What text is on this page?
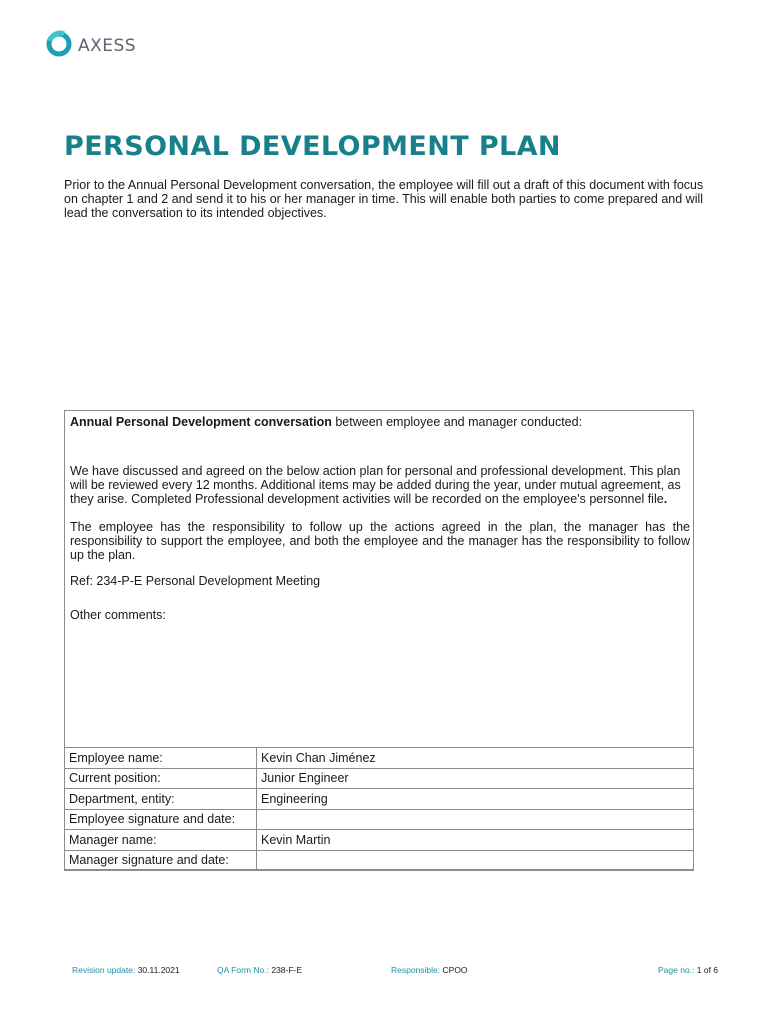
AXESS
PERSONAL DEVELOPMENT PLAN

Prior to the Annual Personal Development conversation, the employee will fill out a draft of this document with focus on chapter 1 and 2 and send it to his or her manager in time. This will enable both parties to come prepared and will lead the conversation to its intended objectives.

Annual Personal Development conversation between employee and manager conducted:

We have discussed and agreed on the below action plan for personal and professional development. This plan will be reviewed every 12 months. Additional items may be added during the year, under mutual agreement, as they arise. Completed Professional development activities will be recorded on the employee's personnel file.

The employee has the responsibility to follow up the actions agreed in the plan, the manager has the responsibility to support the employee, and both the employee and the manager has the responsibility to follow up the plan.

Ref: 234-P-E Personal Development Meeting

Other comments:

Employee name:	Kevin Chan Jiménez
Current position:	Junior Engineer
Department, entity:	Engineering
Employee signature and date:	
Manager name:	Kevin Martin
Manager signature and date:	
Revision update: 30.11.2021	QA Form No.: 238-F-E	Responsible: CPOO	Page no.: 1 of 6
